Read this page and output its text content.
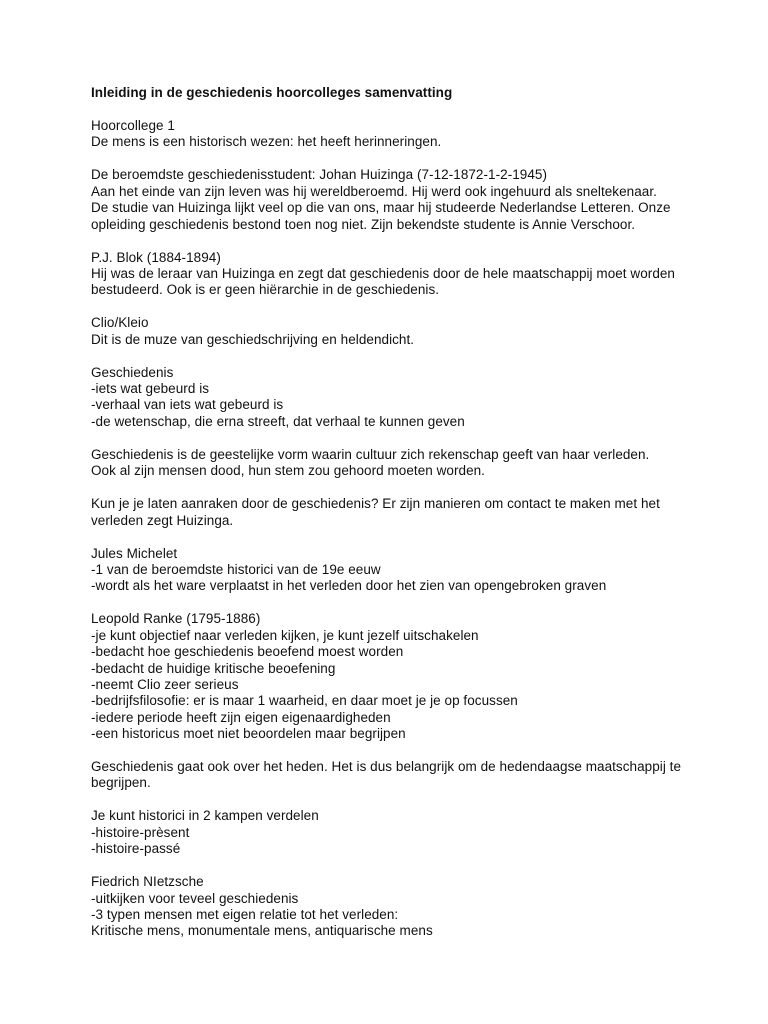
Inleiding in de geschiedenis hoorcolleges samenvatting
Hoorcollege 1
De mens is een historisch wezen: het heeft herinneringen.
De beroemdste geschiedenisstudent: Johan Huizinga (7-12-1872-1-2-1945)
Aan het einde van zijn leven was hij wereldberoemd. Hij werd ook ingehuurd als sneltekenaar.
De studie van Huizinga lijkt veel op die van ons, maar hij studeerde Nederlandse Letteren. Onze
opleiding geschiedenis bestond toen nog niet. Zijn bekendste studente is Annie Verschoor.
P.J. Blok (1884-1894)
Hij was de leraar van Huizinga en zegt dat geschiedenis door de hele maatschappij moet worden
bestudeerd. Ook is er geen hiërarchie in de geschiedenis.
Clio/Kleio
Dit is de muze van geschiedschrijving en heldendicht.
Geschiedenis
-iets wat gebeurd is
-verhaal van iets wat gebeurd is
-de wetenschap, die erna streeft, dat verhaal te kunnen geven
Geschiedenis is de geestelijke vorm waarin cultuur zich rekenschap geeft van haar verleden.
Ook al zijn mensen dood, hun stem zou gehoord moeten worden.
Kun je je laten aanraken door de geschiedenis? Er zijn manieren om contact te maken met het
verleden zegt Huizinga.
Jules Michelet
-1 van de beroemdste historici van de 19e eeuw
-wordt als het ware verplaatst in het verleden door het zien van opengebroken graven
Leopold Ranke (1795-1886)
-je kunt objectief naar verleden kijken, je kunt jezelf uitschakelen
-bedacht hoe geschiedenis beoefend moest worden
-bedacht de huidige kritische beoefening
-neemt Clio zeer serieus
-bedrijfsfilosofie: er is maar 1 waarheid, en daar moet je je op focussen
-iedere periode heeft zijn eigen eigenaardigheden
-een historicus moet niet beoordelen maar begrijpen
Geschiedenis gaat ook over het heden. Het is dus belangrijk om de hedendaagse maatschappij te
begrijpen.
Je kunt historici in 2 kampen verdelen
-histoire-prèsent
-histoire-passé
Fiedrich NIetzsche
-uitkijken voor teveel geschiedenis
-3 typen mensen met eigen relatie tot het verleden:
Kritische mens, monumentale mens, antiquarische mens
